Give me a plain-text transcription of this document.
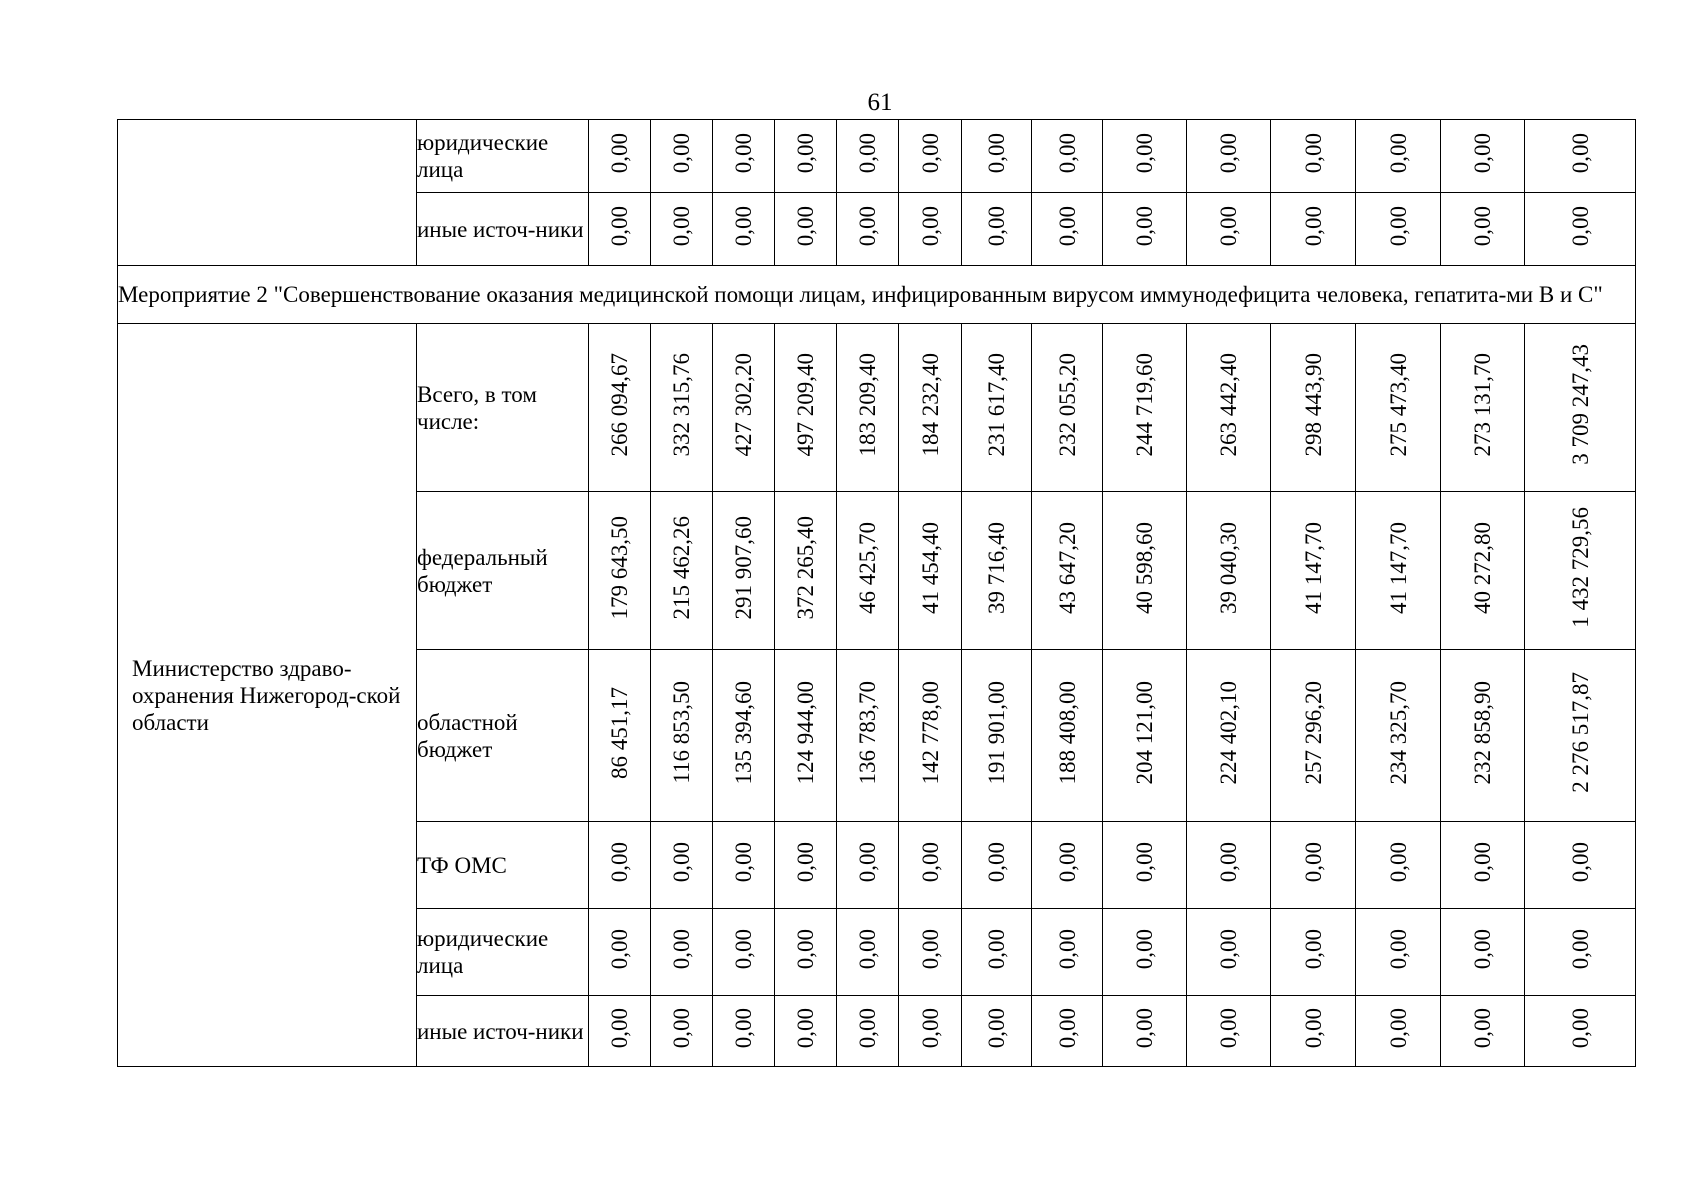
61
	юридические лица	0,00	0,00	0,00	0,00	0,00	0,00	0,00	0,00	0,00	0,00	0,00	0,00	0,00	0,00
	иные источ-ники	0,00	0,00	0,00	0,00	0,00	0,00	0,00	0,00	0,00	0,00	0,00	0,00	0,00	0,00
Мероприятие 2 "Совершенствование оказания медицинской помощи лицам, инфицированным вирусом иммунодефицита человека, гепатита-ми В и С"															

Министерство здраво-охранения Нижегород-ской области	Всего, в том числе:	266 094,67	332 315,76	427 302,20	497 209,40	183 209,40	184 232,40	231 617,40	232 055,20	244 719,60	263 442,40	298 443,90	275 473,40	273 131,70	3 709 247,43
	федеральный бюджет	179 643,50	215 462,26	291 907,60	372 265,40	46 425,70	41 454,40	39 716,40	43 647,20	40 598,60	39 040,30	41 147,70	41 147,70	40 272,80	1 432 729,56
	областной бюджет	86 451,17	116 853,50	135 394,60	124 944,00	136 783,70	142 778,00	191 901,00	188 408,00	204 121,00	224 402,10	257 296,20	234 325,70	232 858,90	2 276 517,87
	ТФ ОМС	0,00	0,00	0,00	0,00	0,00	0,00	0,00	0,00	0,00	0,00	0,00	0,00	0,00	0,00
	юридические лица	0,00	0,00	0,00	0,00	0,00	0,00	0,00	0,00	0,00	0,00	0,00	0,00	0,00	0,00
	иные источ-ники	0,00	0,00	0,00	0,00	0,00	0,00	0,00	0,00	0,00	0,00	0,00	0,00	0,00	0,00
